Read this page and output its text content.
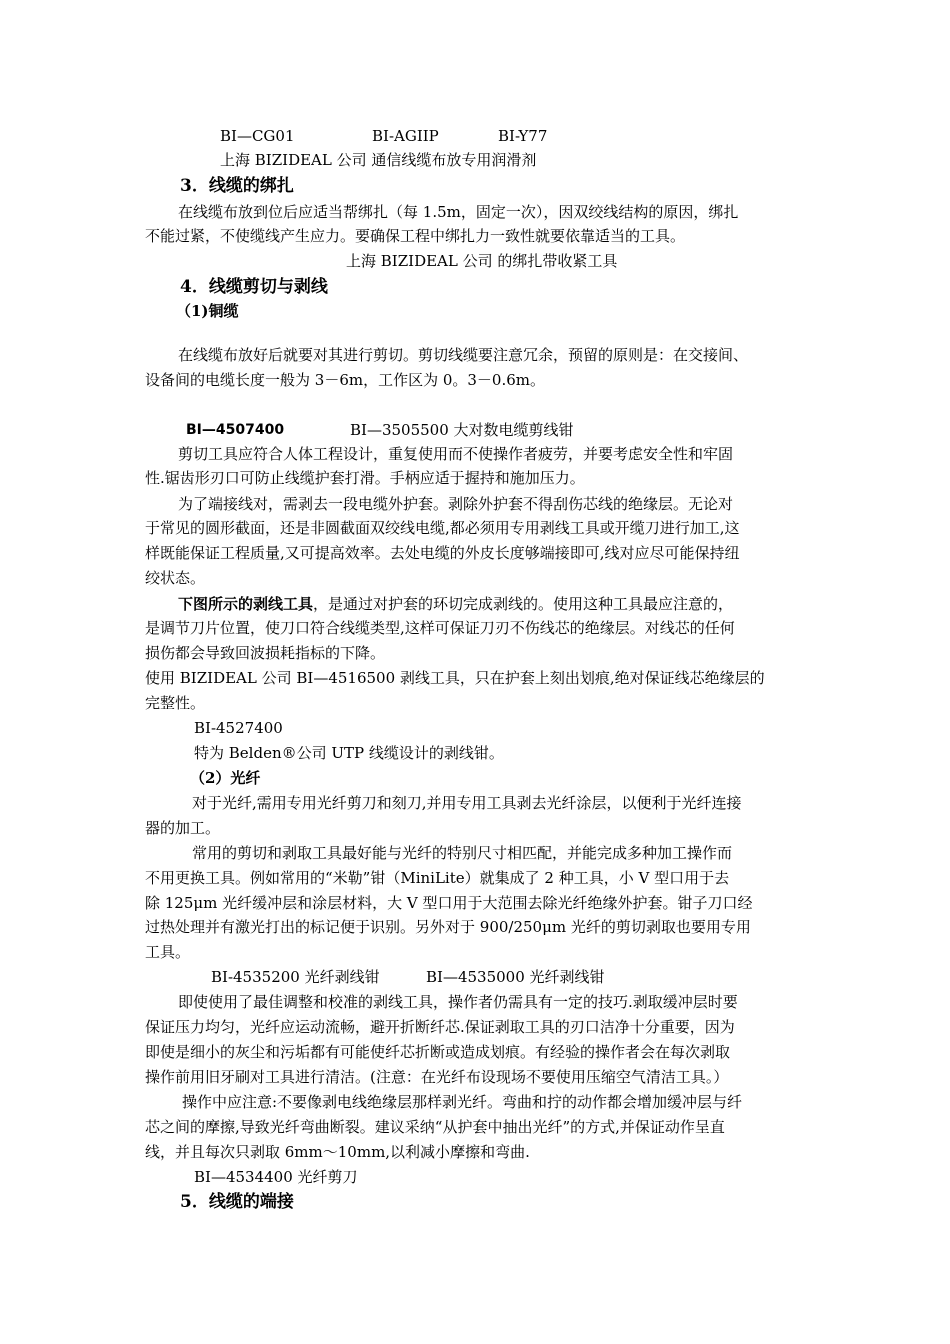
BI—CG01	BI-AGIIP	BI-Y77
上海 BIZIDEAL 公司 通信线缆布放专用润滑剂
3．线缆的绑扎
在线缆布放到位后应适当帮绑扎（每 1.5m，固定一次），因双绞线结构的原因，绑扎
不能过紧，不使缆线产生应力。要确保工程中绑扎力一致性就要依靠适当的工具。
上海 BIZIDEAL 公司 的绑扎带收紧工具
4．线缆剪切与剥线
（1)铜缆
在线缆布放好后就要对其进行剪切。剪切线缆要注意冗余，预留的原则是：在交接间、
设备间的电缆长度一般为 3－6m，工作区为 0。3－0.6m。
BI—4507400	BI—3505500 大对数电缆剪线钳
剪切工具应符合人体工程设计，重复使用而不使操作者疲劳，并要考虑安全性和牢固
性.锯齿形刃口可防止线缆护套打滑。手柄应适于握持和施加压力。
为了端接线对，需剥去一段电缆外护套。剥除外护套不得刮伤芯线的绝缘层。无论对
于常见的圆形截面，还是非圆截面双绞线电缆,都必须用专用剥线工具或开缆刀进行加工,这
样既能保证工程质量,又可提高效率。去处电缆的外皮长度够端接即可,线对应尽可能保持纽
绞状态。
下图所示的剥线工具，是通过对护套的环切完成剥线的。使用这种工具最应注意的，
是调节刀片位置，使刀口符合线缆类型,这样可保证刀刃不伤线芯的绝缘层。对线芯的任何
损伤都会导致回波损耗指标的下降。
使用 BIZIDEAL 公司 BI—4516500 剥线工具，只在护套上刻出划痕,绝对保证线芯绝缘层的
完整性。
BI-4527400
特为 Belden®公司 UTP 线缆设计的剥线钳。
（2）光纤
对于光纤,需用专用光纤剪刀和刻刀,并用专用工具剥去光纤涂层，以便利于光纤连接
器的加工。
常用的剪切和剥取工具最好能与光纤的特别尺寸相匹配，并能完成多种加工操作而
不用更换工具。例如常用的“米勒”钳（MiniLite）就集成了 2 种工具，小 V 型口用于去
除 125μm 光纤缓冲层和涂层材料，大 V 型口用于大范围去除光纤绝缘外护套。钳子刀口经
过热处理并有激光打出的标记便于识别。另外对于 900/250μm 光纤的剪切剥取也要用专用
工具。
BI-4535200 光纤剥线钳	BI—4535000 光纤剥线钳
即使使用了最佳调整和校准的剥线工具，操作者仍需具有一定的技巧.剥取缓冲层时要
保证压力均匀，光纤应运动流畅，避开折断纤芯.保证剥取工具的刃口洁净十分重要，因为
即使是细小的灰尘和污垢都有可能使纤芯折断或造成划痕。有经验的操作者会在每次剥取
操作前用旧牙刷对工具进行清洁。(注意：在光纤布设现场不要使用压缩空气清洁工具。）
操作中应注意:不要像剥电线绝缘层那样剥光纤。弯曲和拧的动作都会增加缓冲层与纤
芯之间的摩擦,导致光纤弯曲断裂。建议采纳“从护套中抽出光纤”的方式,并保证动作呈直
线，并且每次只剥取 6mm～10mm,以利减小摩擦和弯曲.
BI—4534400 光纤剪刀
5．线缆的端接
